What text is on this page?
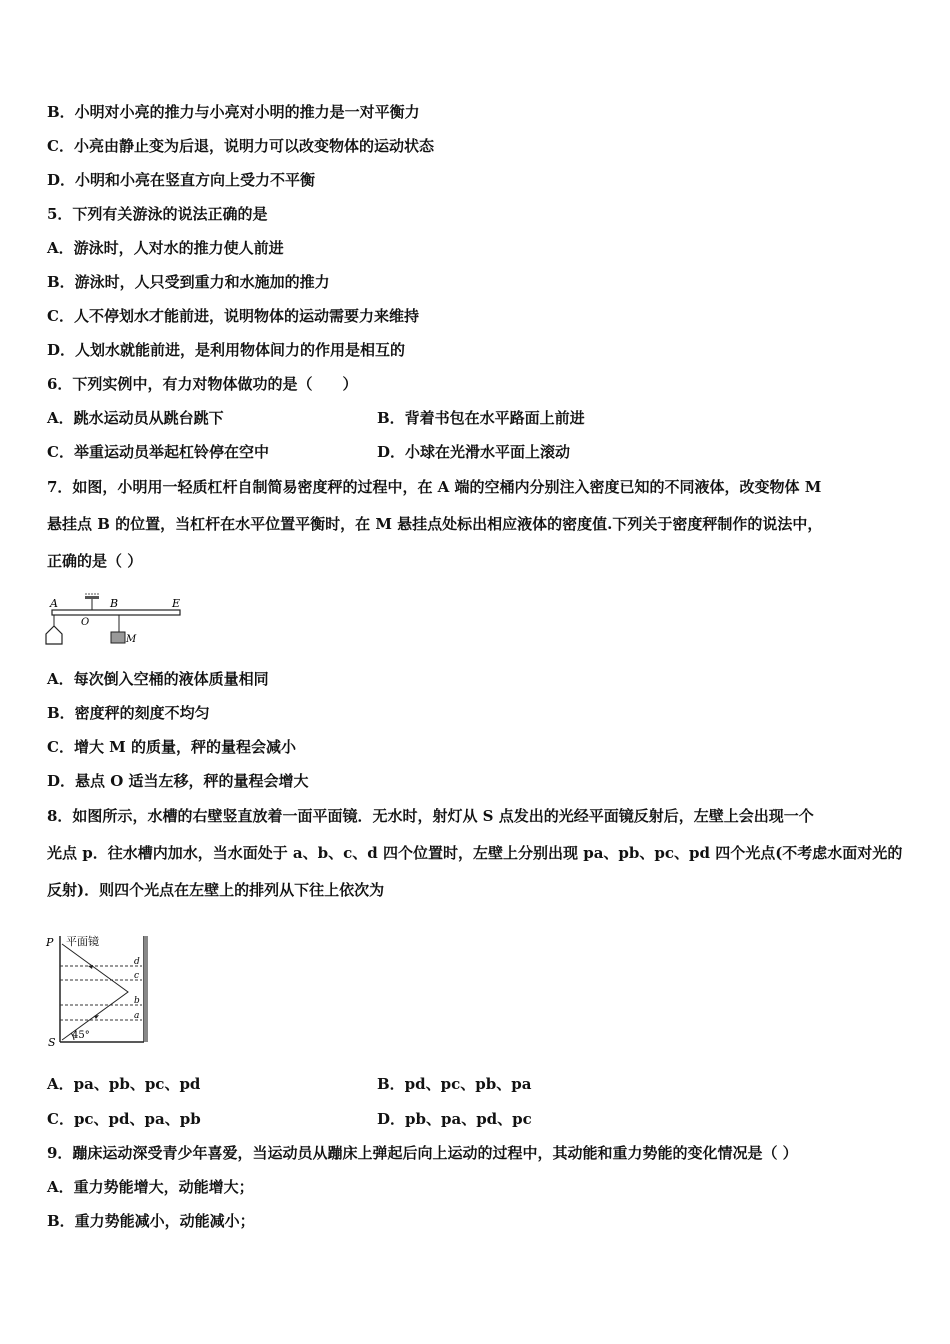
B．小明对小亮的推力与小亮对小明的推力是一对平衡力
C．小亮由静止变为后退，说明力可以改变物体的运动状态
D．小明和小亮在竖直方向上受力不平衡
5．下列有关游泳的说法正确的是
A．游泳时，人对水的推力使人前进
B．游泳时，人只受到重力和水施加的推力
C．人不停划水才能前进，说明物体的运动需要力来维持
D．人划水就能前进，是利用物体间力的作用是相互的
6．下列实例中，有力对物体做功的是（　　）
A．跳水运动员从跳台跳下	B．背着书包在水平路面上前进
C．举重运动员举起杠铃停在空中	D．小球在光滑水平面上滚动
7．如图，小明用一轻质杠杆自制简易密度秤的过程中，在 A 端的空桶内分别注入密度已知的不同液体，改变物体 M
悬挂点 B 的位置，当杠杆在水平位置平衡时，在 M 悬挂点处标出相应液体的密度值.下列关于密度秤制作的说法中，
正确的是（ ）
A
O
B	E
M
A．每次倒入空桶的液体质量相同
B．密度秤的刻度不均匀
C．增大 M 的质量，秤的量程会减小
D．悬点 O 适当左移，秤的量程会增大
8．如图所示，水槽的右壁竖直放着一面平面镜．无水时，射灯从 S 点发出的光经平面镜反射后，左壁上会出现一个
光点 p．往水槽内加水，当水面处于 a、b、c、d 四个位置时，左壁上分别出现 pa、pb、pc、pd 四个光点(不考虑水面对光的
反射)．则四个光点在左壁上的排列从下往上依次为
P 平面镜
d
c
b
a
S
45°
A．pa、pb、pc、pd	B．pd、pc、pb、pa
C．pc、pd、pa、pb	D．pb、pa、pd、pc
9．蹦床运动深受青少年喜爱，当运动员从蹦床上弹起后向上运动的过程中，其动能和重力势能的变化情况是（ ）
A．重力势能增大，动能增大；
B．重力势能减小，动能减小；
